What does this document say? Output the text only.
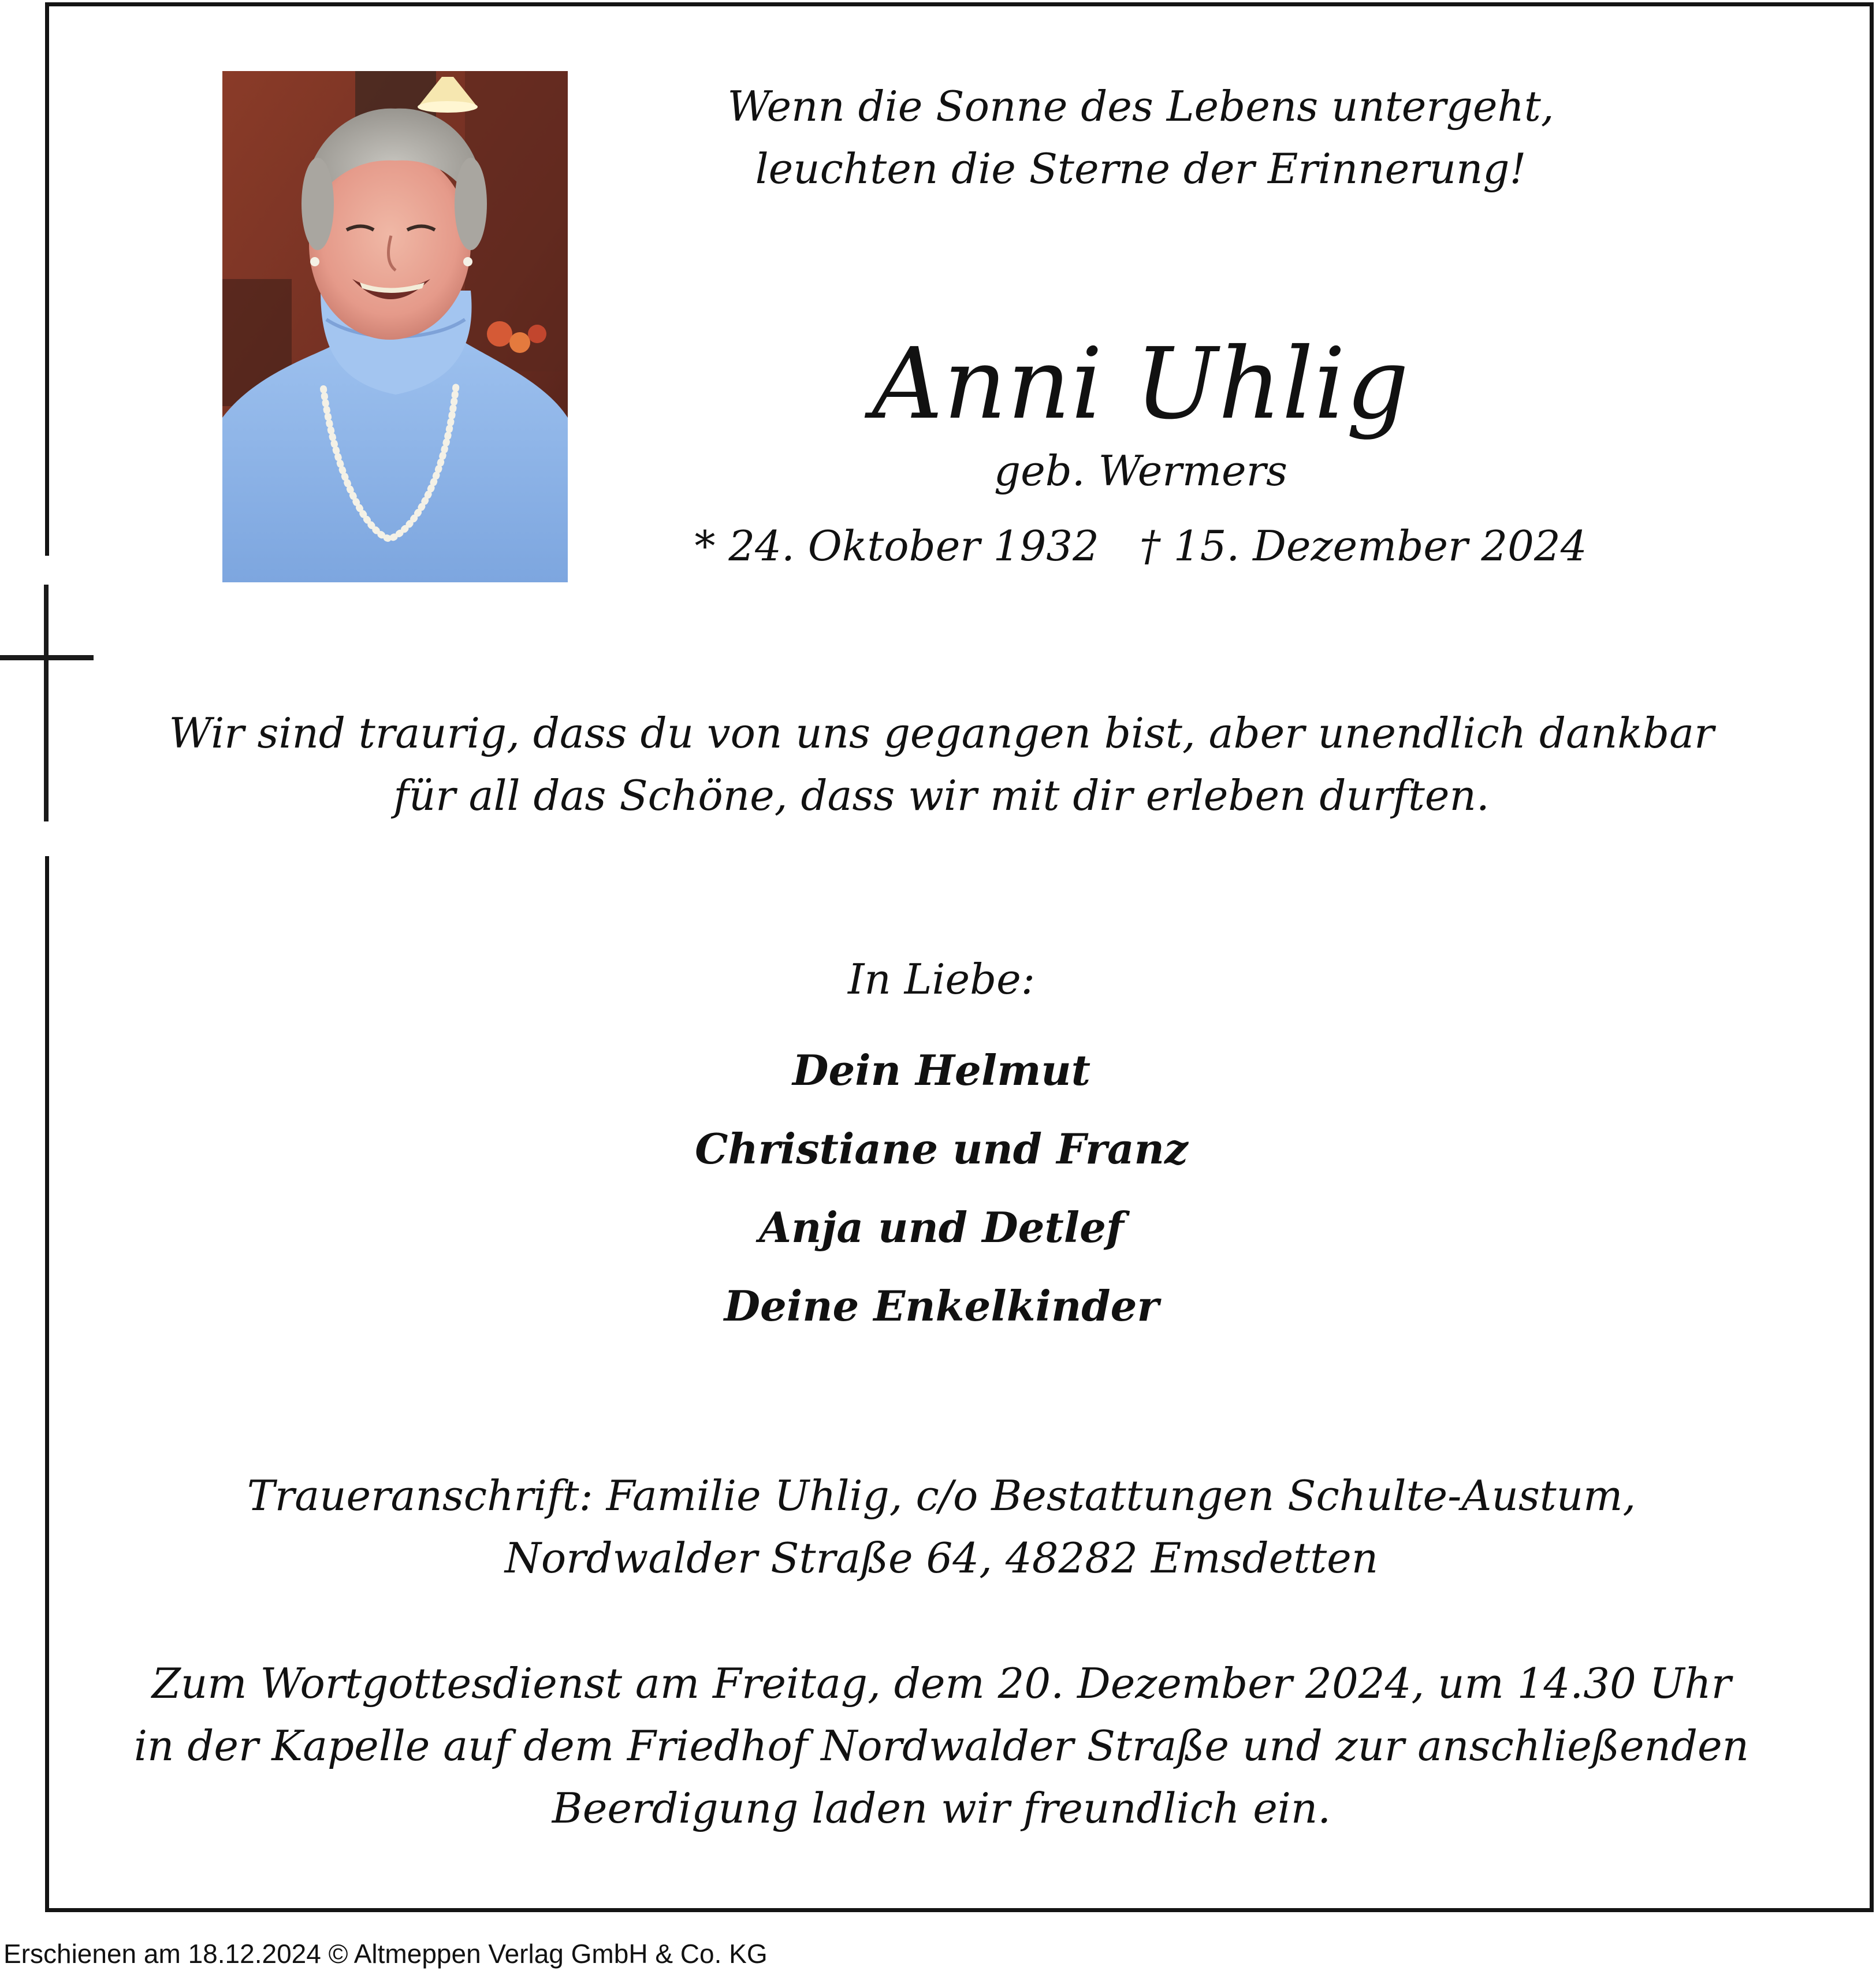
Wenn die Sonne des Lebens untergeht,
leuchten die Sterne der Erinnerung!
Anni Uhlig
geb. Wermers
* 24. Oktober 1932 † 15. Dezember 2024
Wir sind traurig, dass du von uns gegangen bist, aber unendlich dankbar
für all das Schöne, dass wir mit dir erleben durften.
In Liebe:
Dein Helmut
Christiane und Franz
Anja und Detlef
Deine Enkelkinder
Traueranschrift: Familie Uhlig, c/o Bestattungen Schulte-Austum,
Nordwalder Straße 64, 48282 Emsdetten
Zum Wortgottesdienst am Freitag, dem 20. Dezember 2024, um 14.30 Uhr
in der Kapelle auf dem Friedhof Nordwalder Straße und zur anschließenden
Beerdigung laden wir freundlich ein.
Erschienen am 18.12.2024 © Altmeppen Verlag GmbH & Co. KG
